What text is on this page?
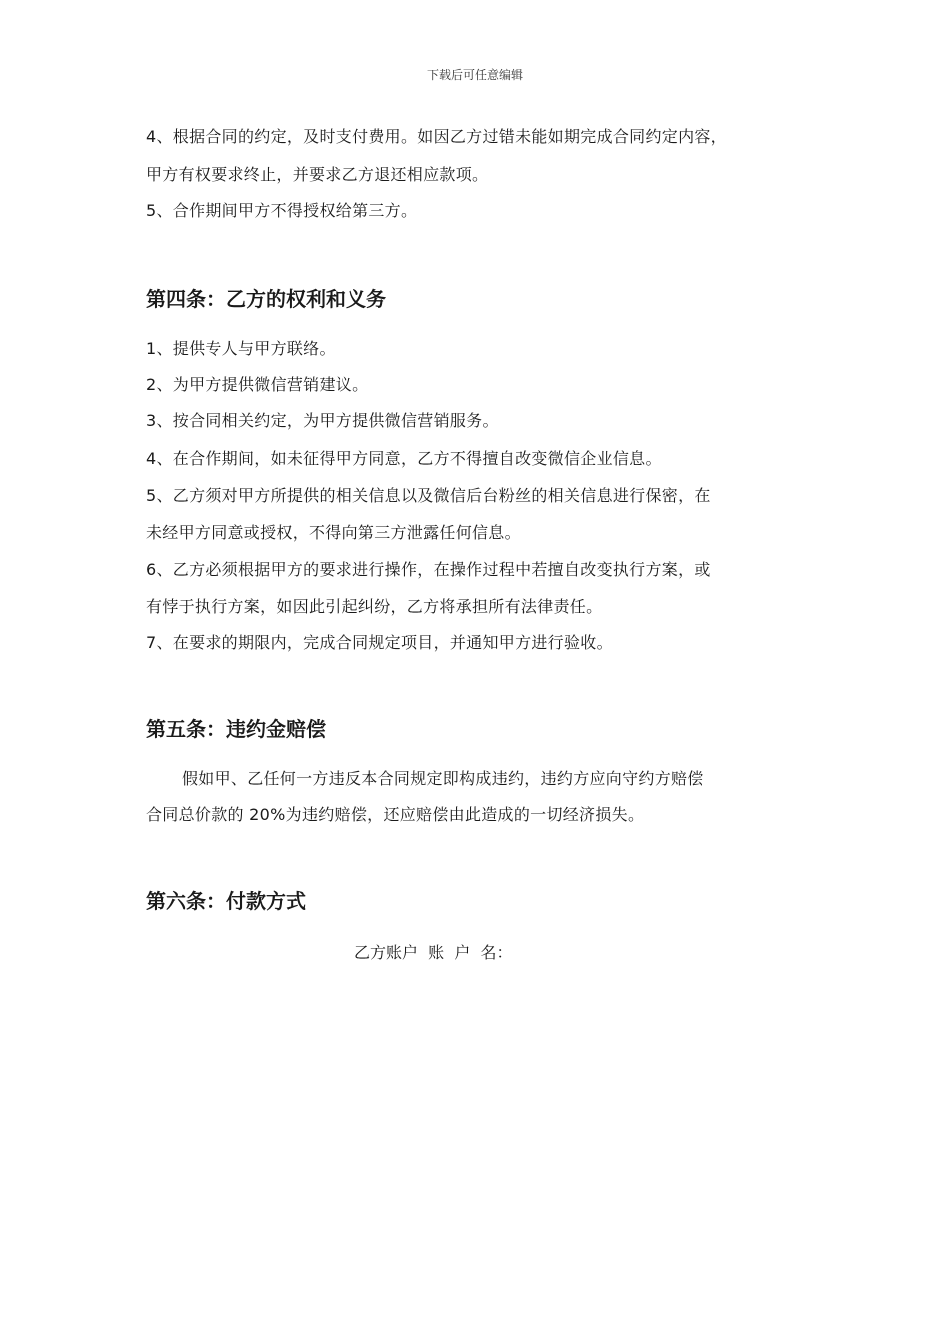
下载后可任意编辑
4、根据合同的约定，及时支付费用。如因乙方过错未能如期完成合同约定内容，
甲方有权要求终止，并要求乙方退还相应款项。
5、合作期间甲方不得授权给第三方。
第四条：乙方的权利和义务
1、提供专人与甲方联络。
2、为甲方提供微信营销建议。
3、按合同相关约定，为甲方提供微信营销服务。
4、在合作期间，如未征得甲方同意，乙方不得擅自改变微信企业信息。
5、乙方须对甲方所提供的相关信息以及微信后台粉丝的相关信息进行保密，在
未经甲方同意或授权，不得向第三方泄露任何信息。
6、乙方必须根据甲方的要求进行操作，在操作过程中若擅自改变执行方案，或
有悖于执行方案，如因此引起纠纷，乙方将承担所有法律责任。
7、在要求的期限内，完成合同规定项目，并通知甲方进行验收。
第五条：违约金赔偿
假如甲、乙任何一方违反本合同规定即构成违约，违约方应向守约方赔偿
合同总价款的 20%为违约赔偿，还应赔偿由此造成的一切经济损失。
第六条：付款方式
乙方账户  账  户  名：
